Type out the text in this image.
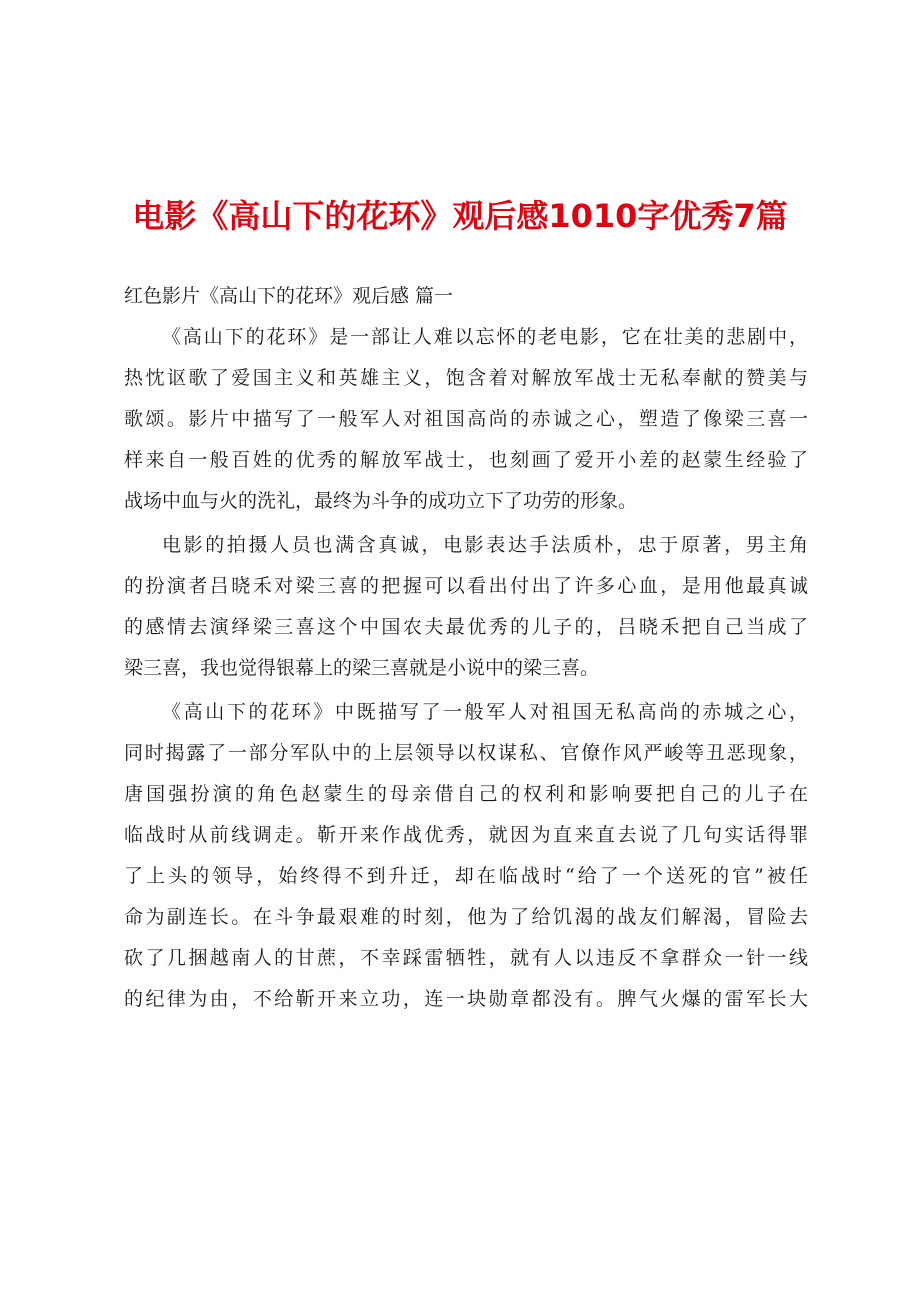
电影《高山下的花环》观后感1010字优秀7篇
红色影片《高山下的花环》观后感 篇一

《高山下的花环》是一部让人难以忘怀的老电影，它在壮美的悲剧中，
热忱讴歌了爱国主义和英雄主义，饱含着对解放军战士无私奉献的赞美与
歌颂。影片中描写了一般军人对祖国高尚的赤诚之心，塑造了像梁三喜一
样来自一般百姓的优秀的解放军战士，也刻画了爱开小差的赵蒙生经验了
战场中血与火的洗礼，最终为斗争的成功立下了功劳的形象。

电影的拍摄人员也满含真诚，电影表达手法质朴，忠于原著，男主角
的扮演者吕晓禾对梁三喜的把握可以看出付出了许多心血，是用他最真诚
的感情去演绎梁三喜这个中国农夫最优秀的儿子的，吕晓禾把自己当成了
梁三喜，我也觉得银幕上的梁三喜就是小说中的梁三喜。

《高山下的花环》中既描写了一般军人对祖国无私高尚的赤城之心，
同时揭露了一部分军队中的上层领导以权谋私、官僚作风严峻等丑恶现象，
唐国强扮演的角色赵蒙生的母亲借自己的权利和影响要把自己的儿子在
临战时从前线调走。靳开来作战优秀，就因为直来直去说了几句实话得罪
了上头的领导，始终得不到升迁，却在临战时“给了一个送死的官”被任
命为副连长。在斗争最艰难的时刻，他为了给饥渴的战友们解渴，冒险去
砍了几捆越南人的甘蔗，不幸踩雷牺牲，就有人以违反不拿群众一针一线
的纪律为由，不给靳开来立功，连一块勋章都没有。脾气火爆的雷军长大
